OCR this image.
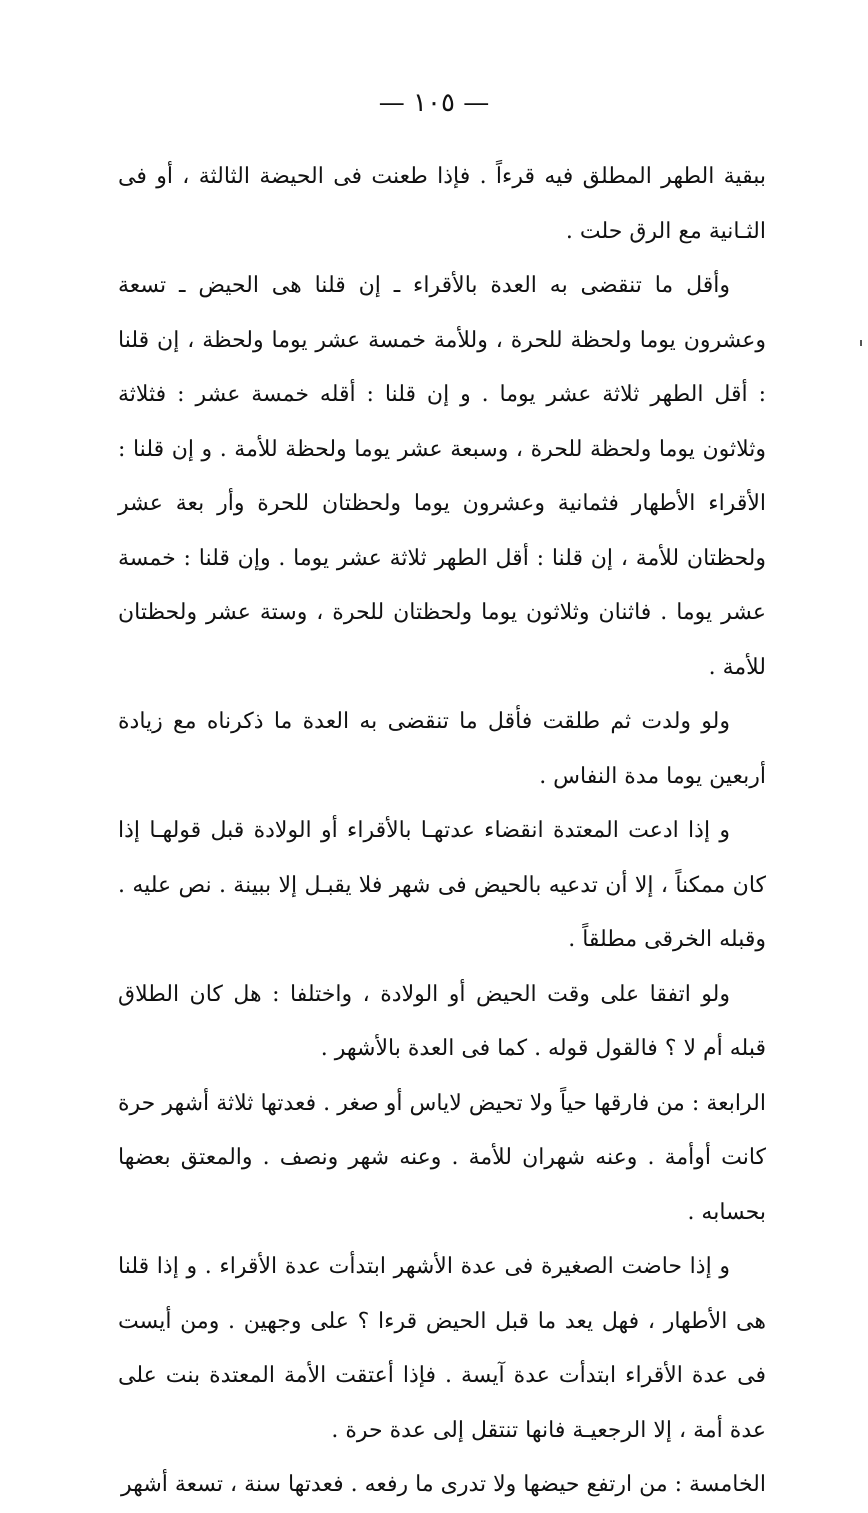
— ١٠٥ —

ببقية الطهر المطلق فيه قرءاً . فإذا طعنت فى الحيضة الثالثة ، أو فى الثـانية مع الرق حلت .

وأقل ما تنقضى به العدة بالأقراء ـ إن قلنا هى الحيض ـ تسعة وعشرون يوما ولحظة للحرة ، وللأمة خمسة عشر يوما ولحظة ، إن قلنا : أقل الطهر ثلاثة عشر يوما . و إن قلنا : أقله خمسة عشر : فثلاثة وثلاثون يوما ولحظة للحرة ، وسبعة عشر يوما ولحظة للأمة . و إن قلنا : الأقراء الأطهار فثمانية وعشرون يوما ولحظتان للحرة وأر بعة عشر ولحظتان للأمة ، إن قلنا : أقل الطهر ثلاثة عشر يوما . وإن قلنا : خمسة عشر يوما . فاثنان وثلاثون يوما ولحظتان للحرة ، وستة عشر ولحظتان للأمة .

ولو ولدت ثم طلقت فأقل ما تنقضى به العدة ما ذكرناه مع زيادة أربعين يوما مدة النفاس .

و إذا ادعت المعتدة انقضاء عدتهـا بالأقراء أو الولادة قبل قولهـا إذا كان ممكناً ، إلا أن تدعيه بالحيض فى شهر فلا يقبـل إلا ببينة . نص عليه . وقبله الخرقى مطلقاً .

ولو اتفقا على وقت الحيض أو الولادة ، واختلفا : هل كان الطلاق قبله أم لا ؟ فالقول قوله . كما فى العدة بالأشهر .

الرابعة : من فارقها حياً ولا تحيض لاياس أو صغر . فعدتها ثلاثة أشهر حرة كانت أوأمة . وعنه شهران للأمة . وعنه شهر ونصف . والمعتق بعضها بحسابه .

و إذا حاضت الصغيرة فى عدة الأشهر ابتدأت عدة الأقراء . و إذا قلنا هى الأطهار ، فهل يعد ما قبل الحيض قرءا ؟ على وجهين . ومن أيست فى عدة الأقراء ابتدأت عدة آيسة . فإذا أعتقت الأمة المعتدة بنت على عدة أمة ، إلا الرجعيـة فانها تنتقل إلى عدة حرة .

الخامسة : من ارتفع حيضها ولا تدرى ما رفعه . فعدتها سنة ، تسعة أشهر
